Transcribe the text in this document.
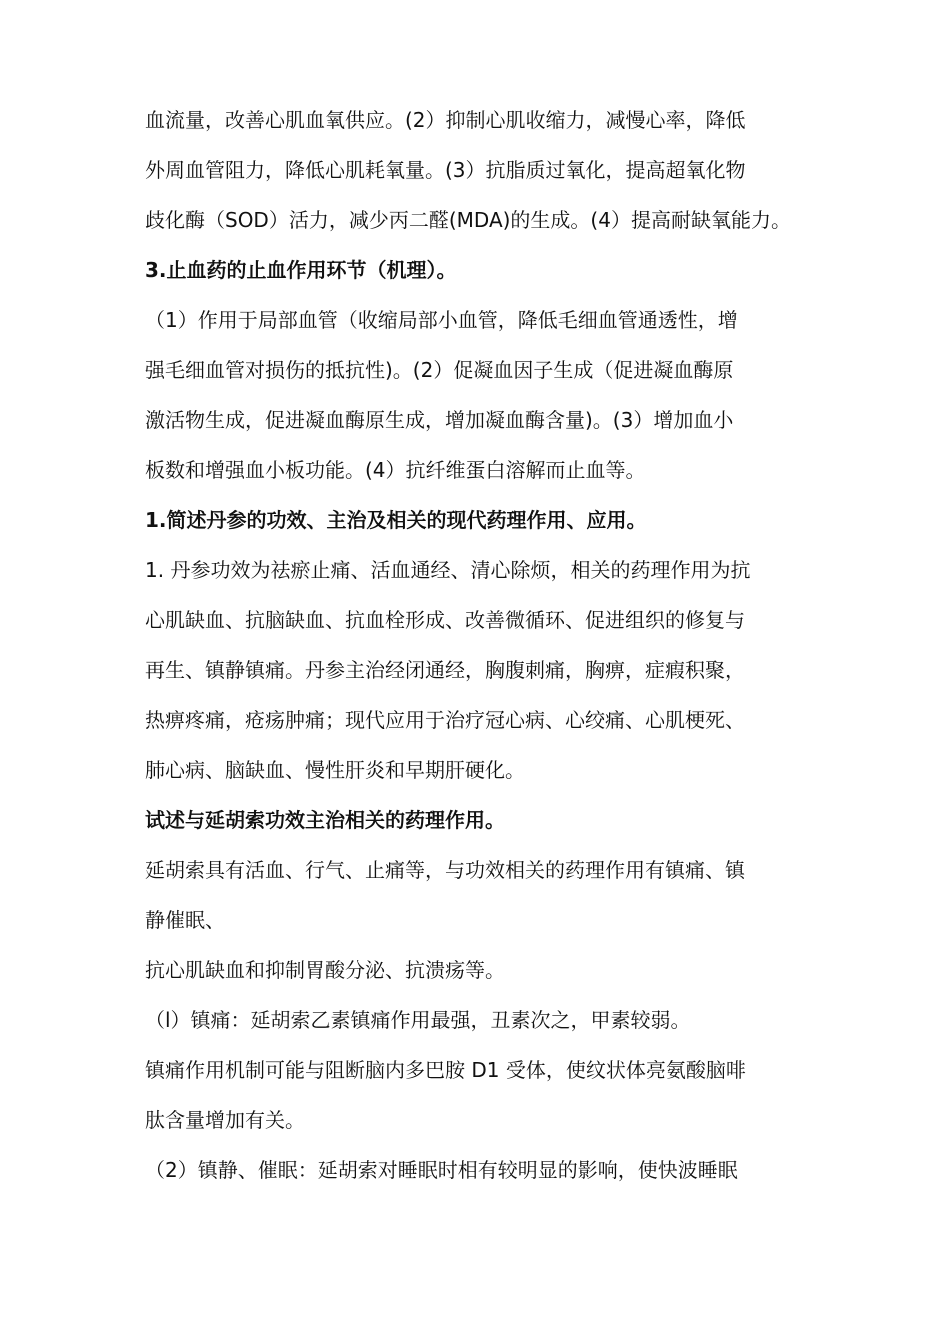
血流量，改善心肌血氧供应。(2）抑制心肌收缩力，减慢心率，降低
外周血管阻力，降低心肌耗氧量。(3）抗脂质过氧化，提高超氧化物
歧化酶（SOD）活力，减少丙二醛(MDA)的生成。(4）提高耐缺氧能力。
3.止血药的止血作用环节（机理）。
（1）作用于局部血管（收缩局部小血管，降低毛细血管通透性，增
强毛细血管对损伤的抵抗性)。(2）促凝血因子生成（促进凝血酶原
激活物生成，促进凝血酶原生成，增加凝血酶含量)。(3）增加血小
板数和增强血小板功能。(4）抗纤维蛋白溶解而止血等。
1.简述丹参的功效、主治及相关的现代药理作用、应用。
1. 丹参功效为祛瘀止痛、活血通经、清心除烦，相关的药理作用为抗
心肌缺血、抗脑缺血、抗血栓形成、改善微循环、促进组织的修复与
再生、镇静镇痛。丹参主治经闭通经，胸腹刺痛，胸痹，症瘕积聚，
热痹疼痛，疮疡肿痛；现代应用于治疗冠心病、心绞痛、心肌梗死、
肺心病、脑缺血、慢性肝炎和早期肝硬化。
试述与延胡索功效主治相关的药理作用。
延胡索具有活血、行气、止痛等，与功效相关的药理作用有镇痛、镇
静催眠、
抗心肌缺血和抑制胃酸分泌、抗溃疡等。
（l）镇痛：延胡索乙素镇痛作用最强，丑素次之，甲素较弱。
镇痛作用机制可能与阻断脑内多巴胺 D1 受体，使纹状体亮氨酸脑啡
肽含量增加有关。
（2）镇静、催眠：延胡索对睡眠时相有较明显的影响，使快波睡眠
